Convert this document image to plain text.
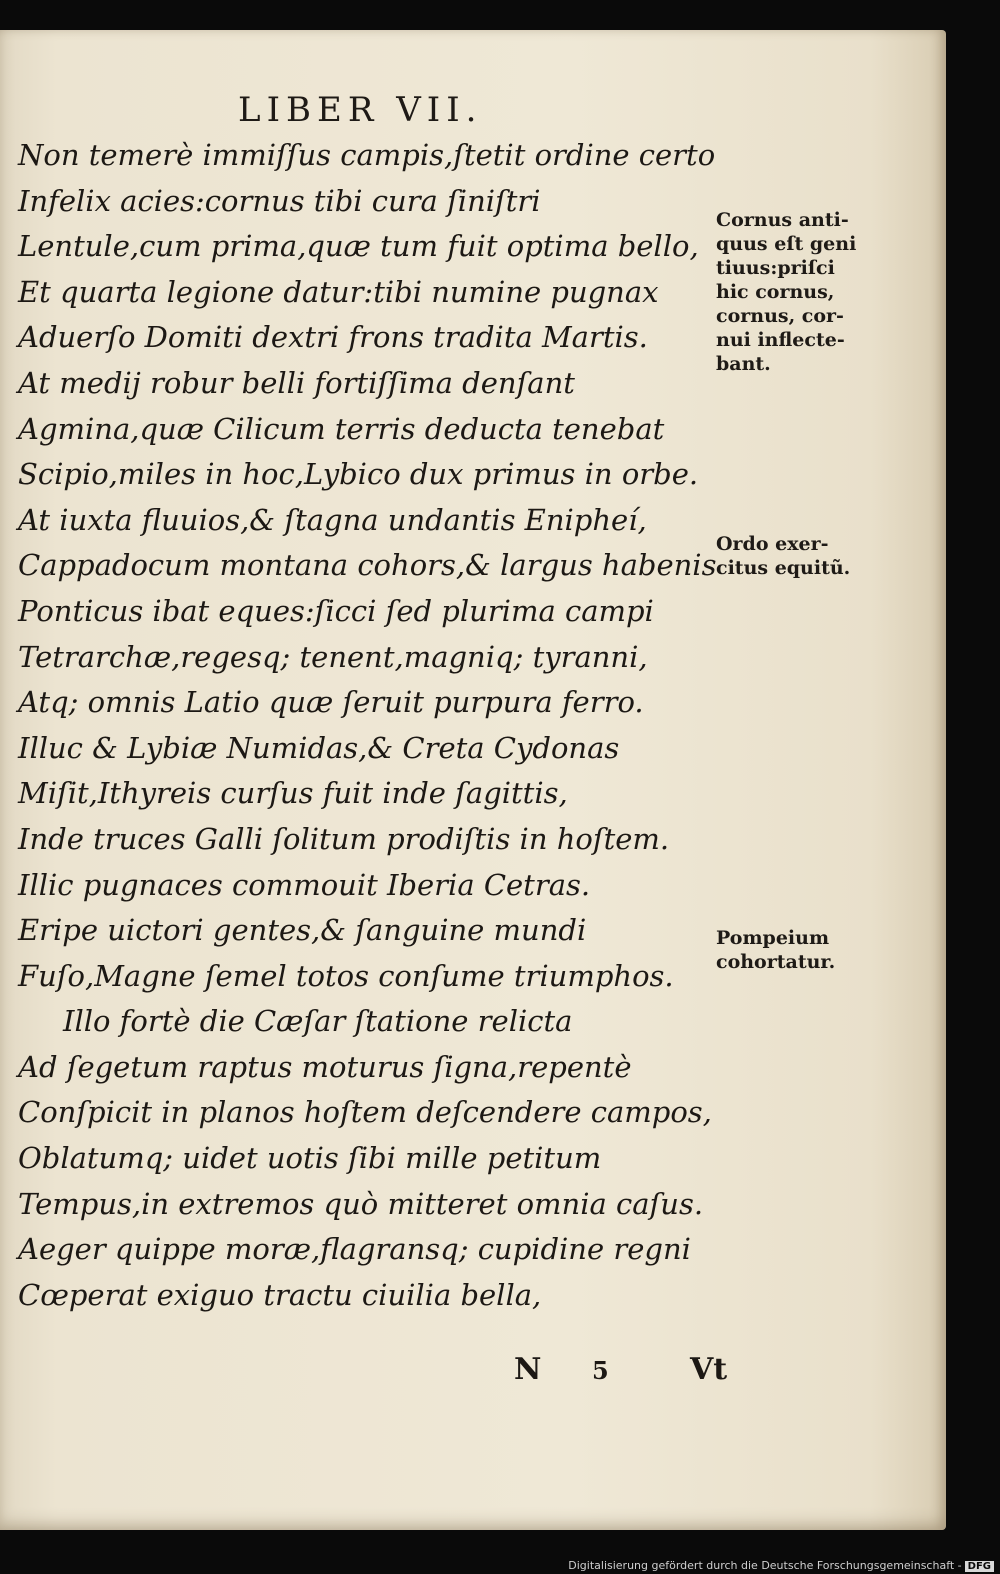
LIBER VII.
Non temerè immiſſus campis,ſtetit ordine certo
Infelix acies:cornus tibi cura ſiniſtri
Lentule,cum prima,quæ tum fuit optima bello,
Et quarta legione datur:tibi numine pugnax
Aduerſo Domiti dextri frons tradita Martis.
At medij robur belli fortiſſima denſant
Agmina,quæ Cilicum terris deducta tenebat
Scipio,miles in hoc,Lybico dux primus in orbe.
At iuxta fluuios,& ſtagna undantis Enipheí,
Cappadocum montana cohors,& largus habenis
Ponticus ibat eques:ſicci ſed plurima campi
Tetrarchæ,regesq; tenent,magniq; tyranni,
Atq; omnis Latio quæ ſeruit purpura ferro.
Illuc & Lybiæ Numidas,& Creta Cydonas
Miſit,Ithyreis curſus fuit inde ſagittis,
Inde truces Galli ſolitum prodiſtis in hoſtem.
Illic pugnaces commouit Iberia Cetras.
Eripe uictori gentes,& ſanguine mundi
Fuſo,Magne ſemel totos conſume triumphos.
Illo fortè die Cæſar ſtatione relicta
Ad ſegetum raptus moturus ſigna,repentè
Conſpicit in planos hoſtem deſcendere campos,
Oblatumq; uidet uotis ſibi mille petitum
Tempus,in extremos quò mitteret omnia caſus.
Aeger quippe moræ,flagransq; cupidine regni
Cœperat exiguo tractu ciuilia bella,
Cornus anti-
quus eſt geni
tiuus:priſci
hic cornus,
cornus, cor-
nui inflecte-
bant.
Ordo exer-
citus equitũ.
Pompeium
cohortatur.
N 5	Vt
Digitalisierung gefördert durch die Deutsche Forschungsgemeinschaft - DFG
